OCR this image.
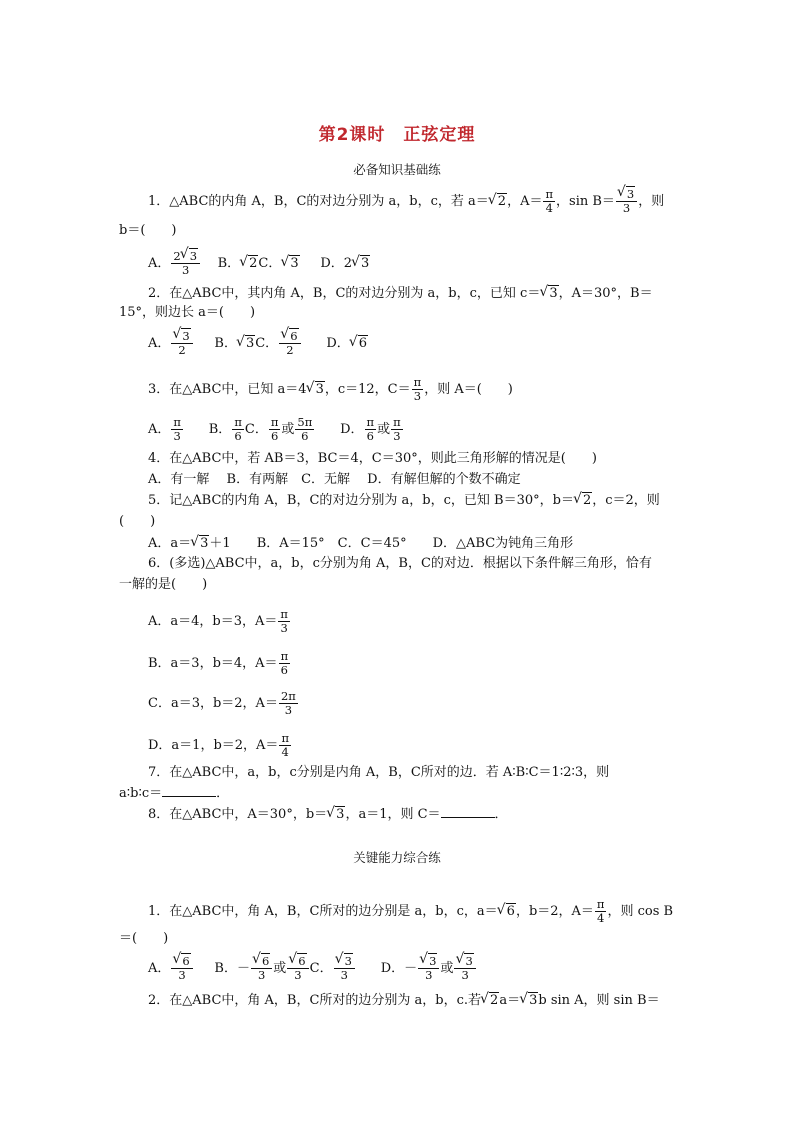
第2课时　正弦定理
必备知识基础练
1．△ABC的内角 A，B，C的对边分别为 a，b，c，若 a＝ √ 2，$A= \frac{\pi}{4}$ ，sin B＝ √ $\frac{3}{3}$ ，则
b＝(　　)
A． $\frac{2 √ 3}{3}$ B． √ 2C． √ 3 D．2 √ 3
2．在△ABC中，其内角 A，B，C的对边分别为 a，b，c，已知 c＝ √ 3，A＝30°，B＝
15°，则边长 a＝(　　)
A． √ $\frac{3}{2}$ B． √ 3C． √ $\frac{6}{2}$ D． √ 6
3．在△ABC中，已知 a＝4 √ 3，c＝12，$C= \frac{\pi}{3}$ ，则 A＝(　　)
A． $\frac{\pi}{3}$ B． $\frac{\pi}{6}$ C． $\frac{\pi}{6}$ 或 $\frac{5\pi}{6}$ D． $\frac{\pi}{6}$ 或 $\frac{\pi}{3}$
4．在△ABC中，若 AB＝3，BC＝4，C＝30°，则此三角形解的情况是(　　)
A．有一解　 B．有两解　C．无解　 D．有解但解的个数不确定
5．记△ABC的内角 A，B，C的对边分别为 a，b，c，已知 B＝30°，b＝ √ 2，c＝2，则
(　　)
A．a＝ √ 3＋1　　B．A＝15°　C．C＝45°　　D．△ABC为钝角三角形
6．(多选)△ABC中，a，b，c分别为角 A，B，C的对边．根据以下条件解三角形，恰有
一解的是(　　)
A．a＝4，b＝3，$A= \frac{\pi}{3}$
B．a＝3，b＝4，$A= \frac{\pi}{6}$
C．a＝3，b＝2，$A= \frac{2\pi}{3}$
D．a＝1，b＝2，$A= \frac{\pi}{4}$
7．在△ABC中，a，b，c分别是内角 A，B，C所对的边．若 A∶B∶C＝1∶2∶3，则
a∶b∶c＝	．
8．在△ABC中，A＝30°，b＝ √ 3，a＝1，则 C＝	．
关键能力综合练
1．在△ABC中，角 A，B，C所对的边分别是 a，b，c，a＝ √ 6，b＝2，$A= \frac{\pi}{4}$ ，则 cos B
＝(　　)
A． √ $\frac{6}{3}$ B．－ √ $\frac{6}{3}$ 或 √ $\frac{6}{3}$ C． √ $\frac{3}{3}$ D．－ √ $\frac{3}{3}$ 或 √ $\frac{3}{3}$
2．在△ABC中，角 A，B，C所对的边分别为 a，b，c.若 √ 2a＝ √ 3b sin A，则 sin B＝
